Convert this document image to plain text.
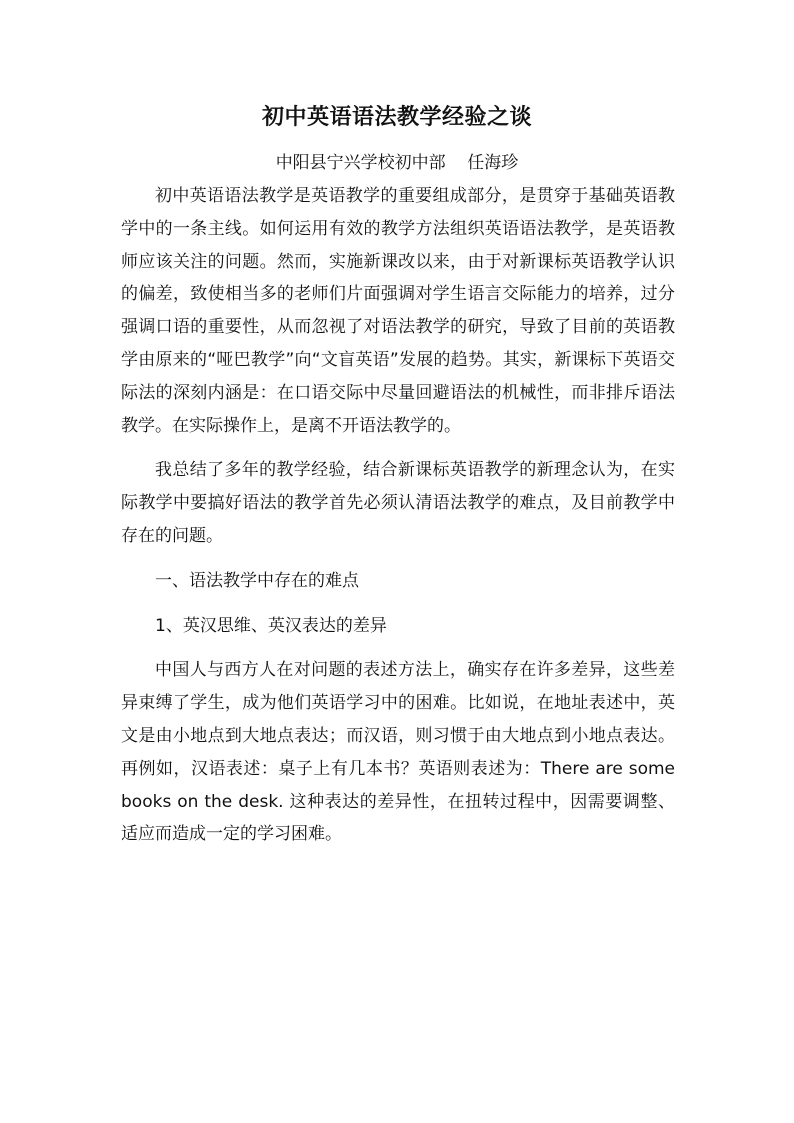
初中英语语法教学经验之谈
中阳县宁兴学校初中部    任海珍

初中英语语法教学是英语教学的重要组成部分，是贯穿于基础英语教学中的一条主线。如何运用有效的教学方法组织英语语法教学，是英语教师应该关注的问题。然而，实施新课改以来，由于对新课标英语教学认识的偏差，致使相当多的老师们片面强调对学生语言交际能力的培养，过分强调口语的重要性，从而忽视了对语法教学的研究，导致了目前的英语教学由原来的“哑巴教学”向“文盲英语”发展的趋势。其实，新课标下英语交际法的深刻内涵是：在口语交际中尽量回避语法的机械性，而非排斥语法教学。在实际操作上，是离不开语法教学的。

我总结了多年的教学经验，结合新课标英语教学的新理念认为，在实际教学中要搞好语法的教学首先必须认清语法教学的难点，及目前教学中存在的问题。

一、语法教学中存在的难点

1、英汉思维、英汉表达的差异

中国人与西方人在对问题的表述方法上，确实存在许多差异，这些差异束缚了学生，成为他们英语学习中的困难。比如说，在地址表述中，英文是由小地点到大地点表达；而汉语，则习惯于由大地点到小地点表达。再例如，汉语表述：桌子上有几本书？英语则表述为：There are some books on the desk. 这种表达的差异性，在扭转过程中，因需要调整、适应而造成一定的学习困难。
